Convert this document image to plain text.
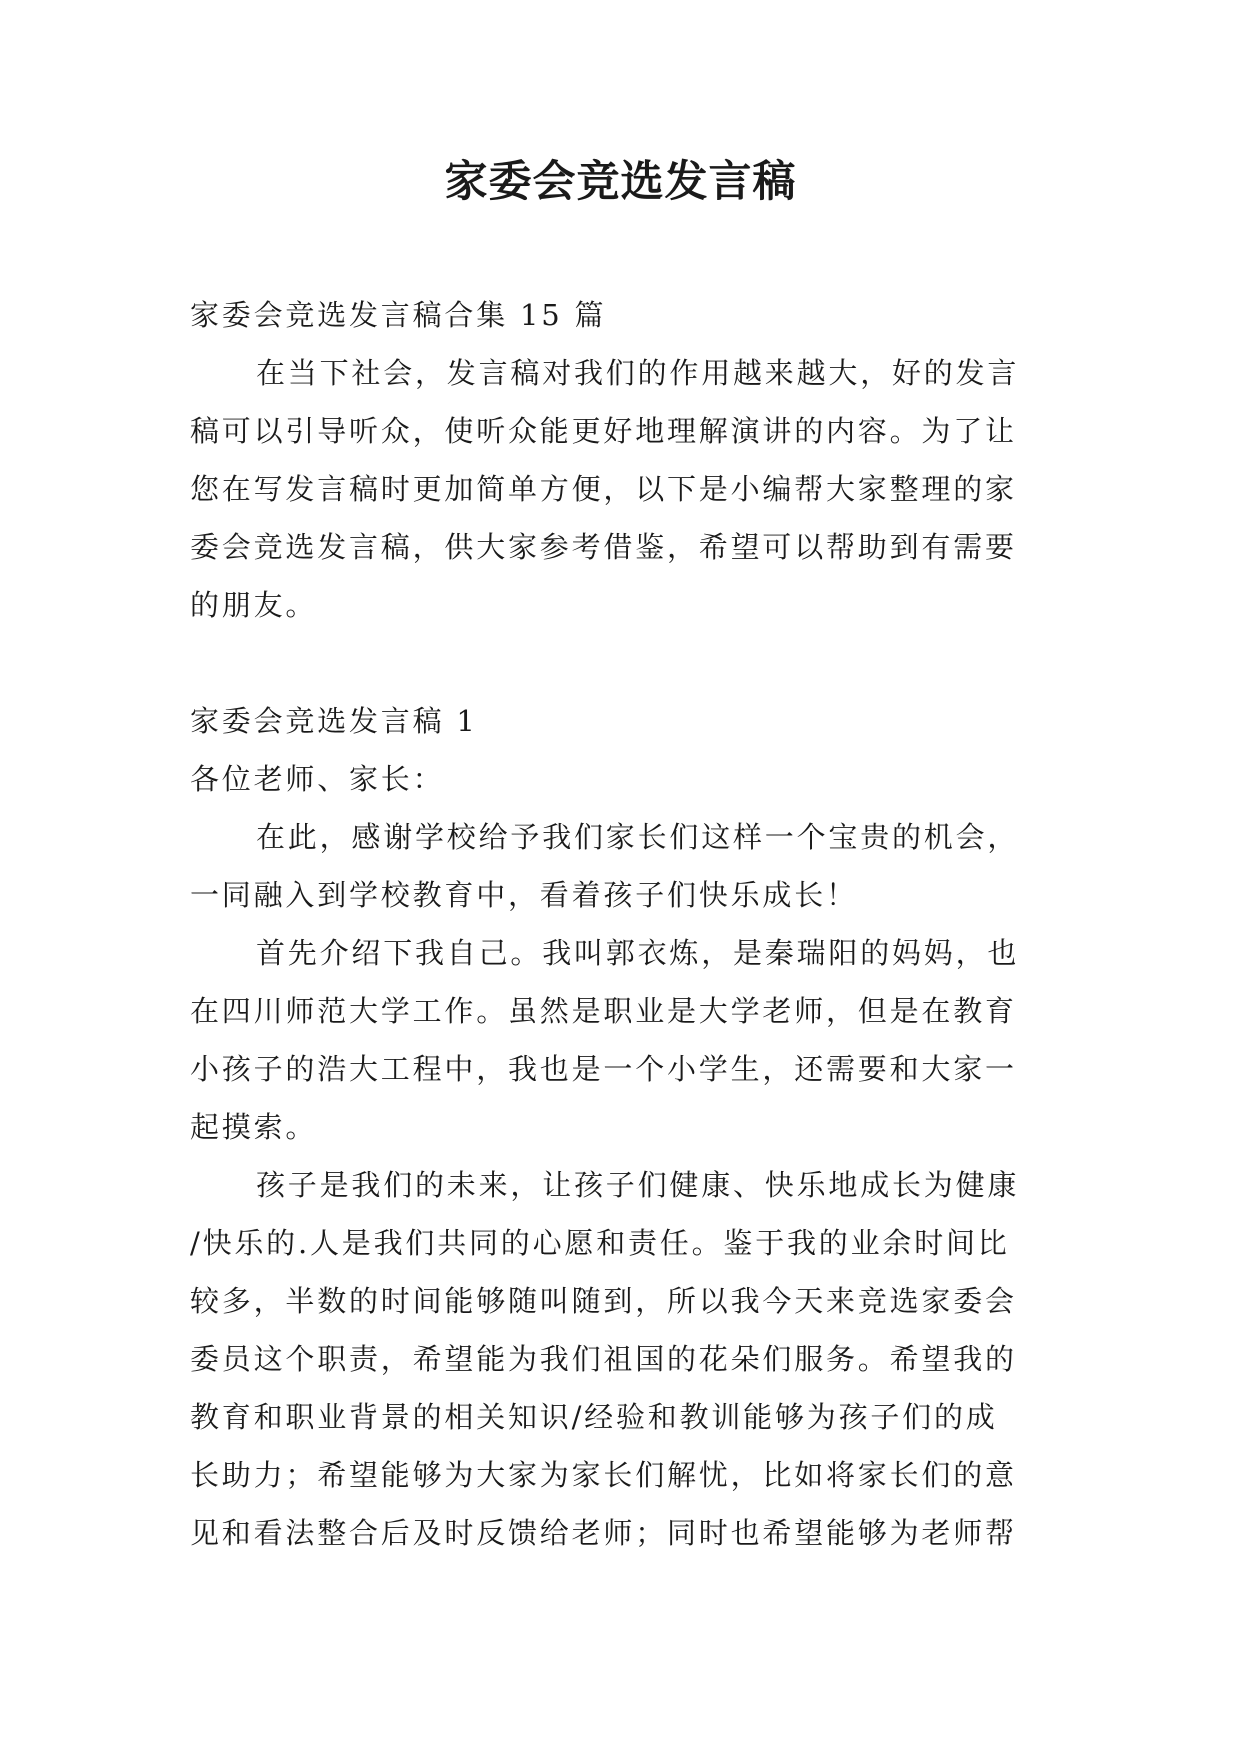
家委会竞选发言稿
家委会竞选发言稿合集 15 篇
在当下社会，发言稿对我们的作用越来越大，好的发言
稿可以引导听众，使听众能更好地理解演讲的内容。为了让
您在写发言稿时更加简单方便，以下是小编帮大家整理的家
委会竞选发言稿，供大家参考借鉴，希望可以帮助到有需要
的朋友。
家委会竞选发言稿 1
各位老师、家长：
在此，感谢学校给予我们家长们这样一个宝贵的机会，
一同融入到学校教育中，看着孩子们快乐成长！
首先介绍下我自己。我叫郭衣炼，是秦瑞阳的妈妈，也
在四川师范大学工作。虽然是职业是大学老师，但是在教育
小孩子的浩大工程中，我也是一个小学生，还需要和大家一
起摸索。
孩子是我们的未来，让孩子们健康、快乐地成长为健康
/快乐的.人是我们共同的心愿和责任。鉴于我的业余时间比
较多，半数的时间能够随叫随到，所以我今天来竞选家委会
委员这个职责，希望能为我们祖国的花朵们服务。希望我的
教育和职业背景的相关知识/经验和教训能够为孩子们的成
长助力；希望能够为大家为家长们解忧，比如将家长们的意
见和看法整合后及时反馈给老师；同时也希望能够为老师帮
